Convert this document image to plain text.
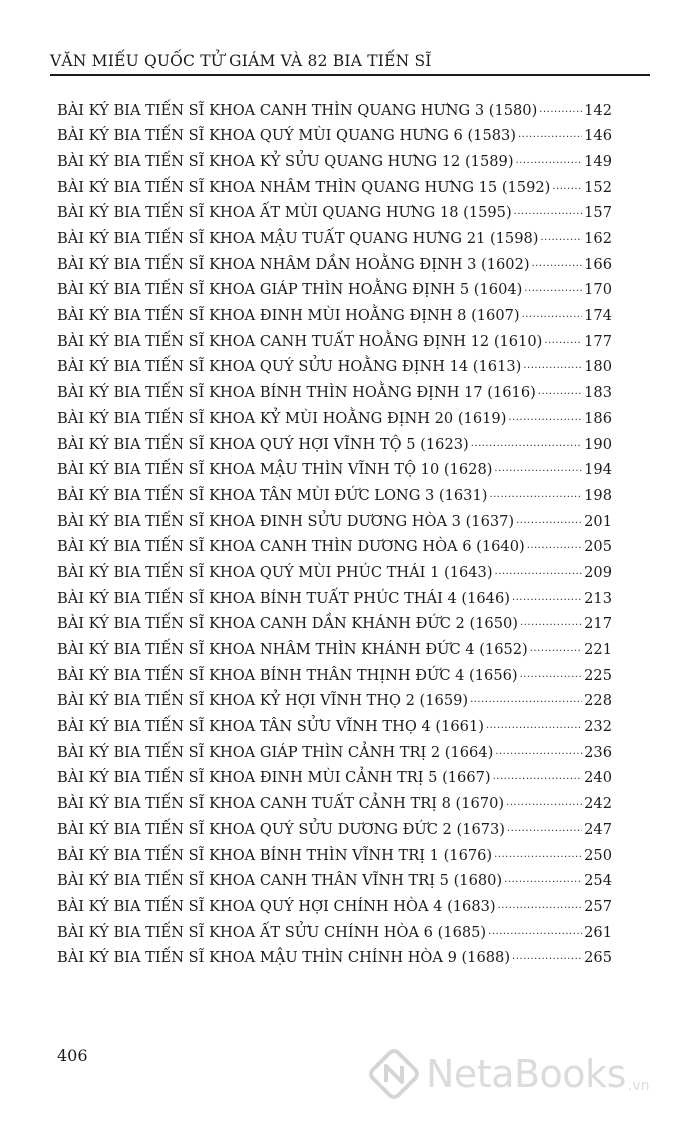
VĂN MIẾU QUỐC TỬ GIÁM VÀ 82 BIA TIẾN SĨ
BÀI KÝ BIA TIẾN SĨ KHOA CANH THÌN QUANG HƯNG 3 (1580) .....	142
BÀI KÝ BIA TIẾN SĨ KHOA QUÝ MÙI QUANG HƯNG 6 (1583) .....	146
BÀI KÝ BIA TIẾN SĨ KHOA KỶ SỬU QUANG HƯNG 12 (1589) .....	149
BÀI KÝ BIA TIẾN SĨ KHOA NHÂM THÌN QUANG HƯNG 15 (1592) ..... 152
BÀI KÝ BIA TIẾN SĨ KHOA ẤT MÙI QUANG HƯNG 18 (1595) .....	157
BÀI KÝ BIA TIẾN SĨ KHOA MẬU TUẤT QUANG HƯNG 21 (1598) .....	162
BÀI KÝ BIA TIẾN SĨ KHOA NHÂM DẦN HOẰNG ĐỊNH 3 (1602) .....	166
BÀI KÝ BIA TIẾN SĨ KHOA GIÁP THÌN HOẰNG ĐỊNH 5 (1604) .....	170
BÀI KÝ BIA TIẾN SĨ KHOA ĐINH MÙI HOẰNG ĐỊNH 8 (1607) .....	174
BÀI KÝ BIA TIẾN SĨ KHOA CANH TUẤT HOẰNG ĐỊNH 12 (1610) .....	177
BÀI KÝ BIA TIẾN SĨ KHOA QUÝ SỬU HOẰNG ĐỊNH 14 (1613) .....	180
BÀI KÝ BIA TIẾN SĨ KHOA BÍNH THÌN HOẰNG ĐỊNH 17 (1616) .....	183
BÀI KÝ BIA TIẾN SĨ KHOA KỶ MÙI HOẰNG ĐỊNH 20 (1619) .....	186
BÀI KÝ BIA TIẾN SĨ KHOA QUÝ HỢI VĨNH TỘ 5 (1623) .....	190
BÀI KÝ BIA TIẾN SĨ KHOA MẬU THÌN VĨNH TỘ 10 (1628) .....	194
BÀI KÝ BIA TIẾN SĨ KHOA TÂN MÙI ĐỨC LONG 3 (1631) .....	198
BÀI KÝ BIA TIẾN SĨ KHOA ĐINH SỬU DƯƠNG HÒA 3 (1637) .....	201
BÀI KÝ BIA TIẾN SĨ KHOA CANH THÌN DƯƠNG HÒA 6 (1640) .....	205
BÀI KÝ BIA TIẾN SĨ KHOA QUÝ MÙI PHÚC THÁI 1 (1643) .....	209
BÀI KÝ BIA TIẾN SĨ KHOA BÍNH TUẤT PHÚC THÁI 4 (1646) .....	213
BÀI KÝ BIA TIẾN SĨ KHOA CANH DẦN KHÁNH ĐỨC 2 (1650) .....	217
BÀI KÝ BIA TIẾN SĨ KHOA NHÂM THÌN KHÁNH ĐỨC 4 (1652) .....	221
BÀI KÝ BIA TIẾN SĨ KHOA BÍNH THÂN THỊNH ĐỨC 4 (1656) .....	225
BÀI KÝ BIA TIẾN SĨ KHOA KỶ HỢI VĨNH THỌ 2 (1659) .....	228
BÀI KÝ BIA TIẾN SĨ KHOA TÂN SỬU VĨNH THỌ 4 (1661) .....	232
BÀI KÝ BIA TIẾN SĨ KHOA GIÁP THÌN CẢNH TRỊ 2 (1664) .....	236
BÀI KÝ BIA TIẾN SĨ KHOA ĐINH MÙI CẢNH TRỊ 5 (1667) .....	240
BÀI KÝ BIA TIẾN SĨ KHOA CANH TUẤT CẢNH TRỊ 8 (1670) .....	242
BÀI KÝ BIA TIẾN SĨ KHOA QUÝ SỬU DƯƠNG ĐỨC 2 (1673) .....	247
BÀI KÝ BIA TIẾN SĨ KHOA BÍNH THÌN VĨNH TRỊ 1 (1676) .....	250
BÀI KÝ BIA TIẾN SĨ KHOA CANH THÂN VĨNH TRỊ 5 (1680) .....	254
BÀI KÝ BIA TIẾN SĨ KHOA QUÝ HỢI CHÍNH HÒA 4 (1683) .....	257
BÀI KÝ BIA TIẾN SĨ KHOA ẤT SỬU CHÍNH HÒA 6 (1685) .....	261
BÀI KÝ BIA TIẾN SĨ KHOA MẬU THÌN CHÍNH HÒA 9 (1688) .....	265
406	NetaBooks .vn
